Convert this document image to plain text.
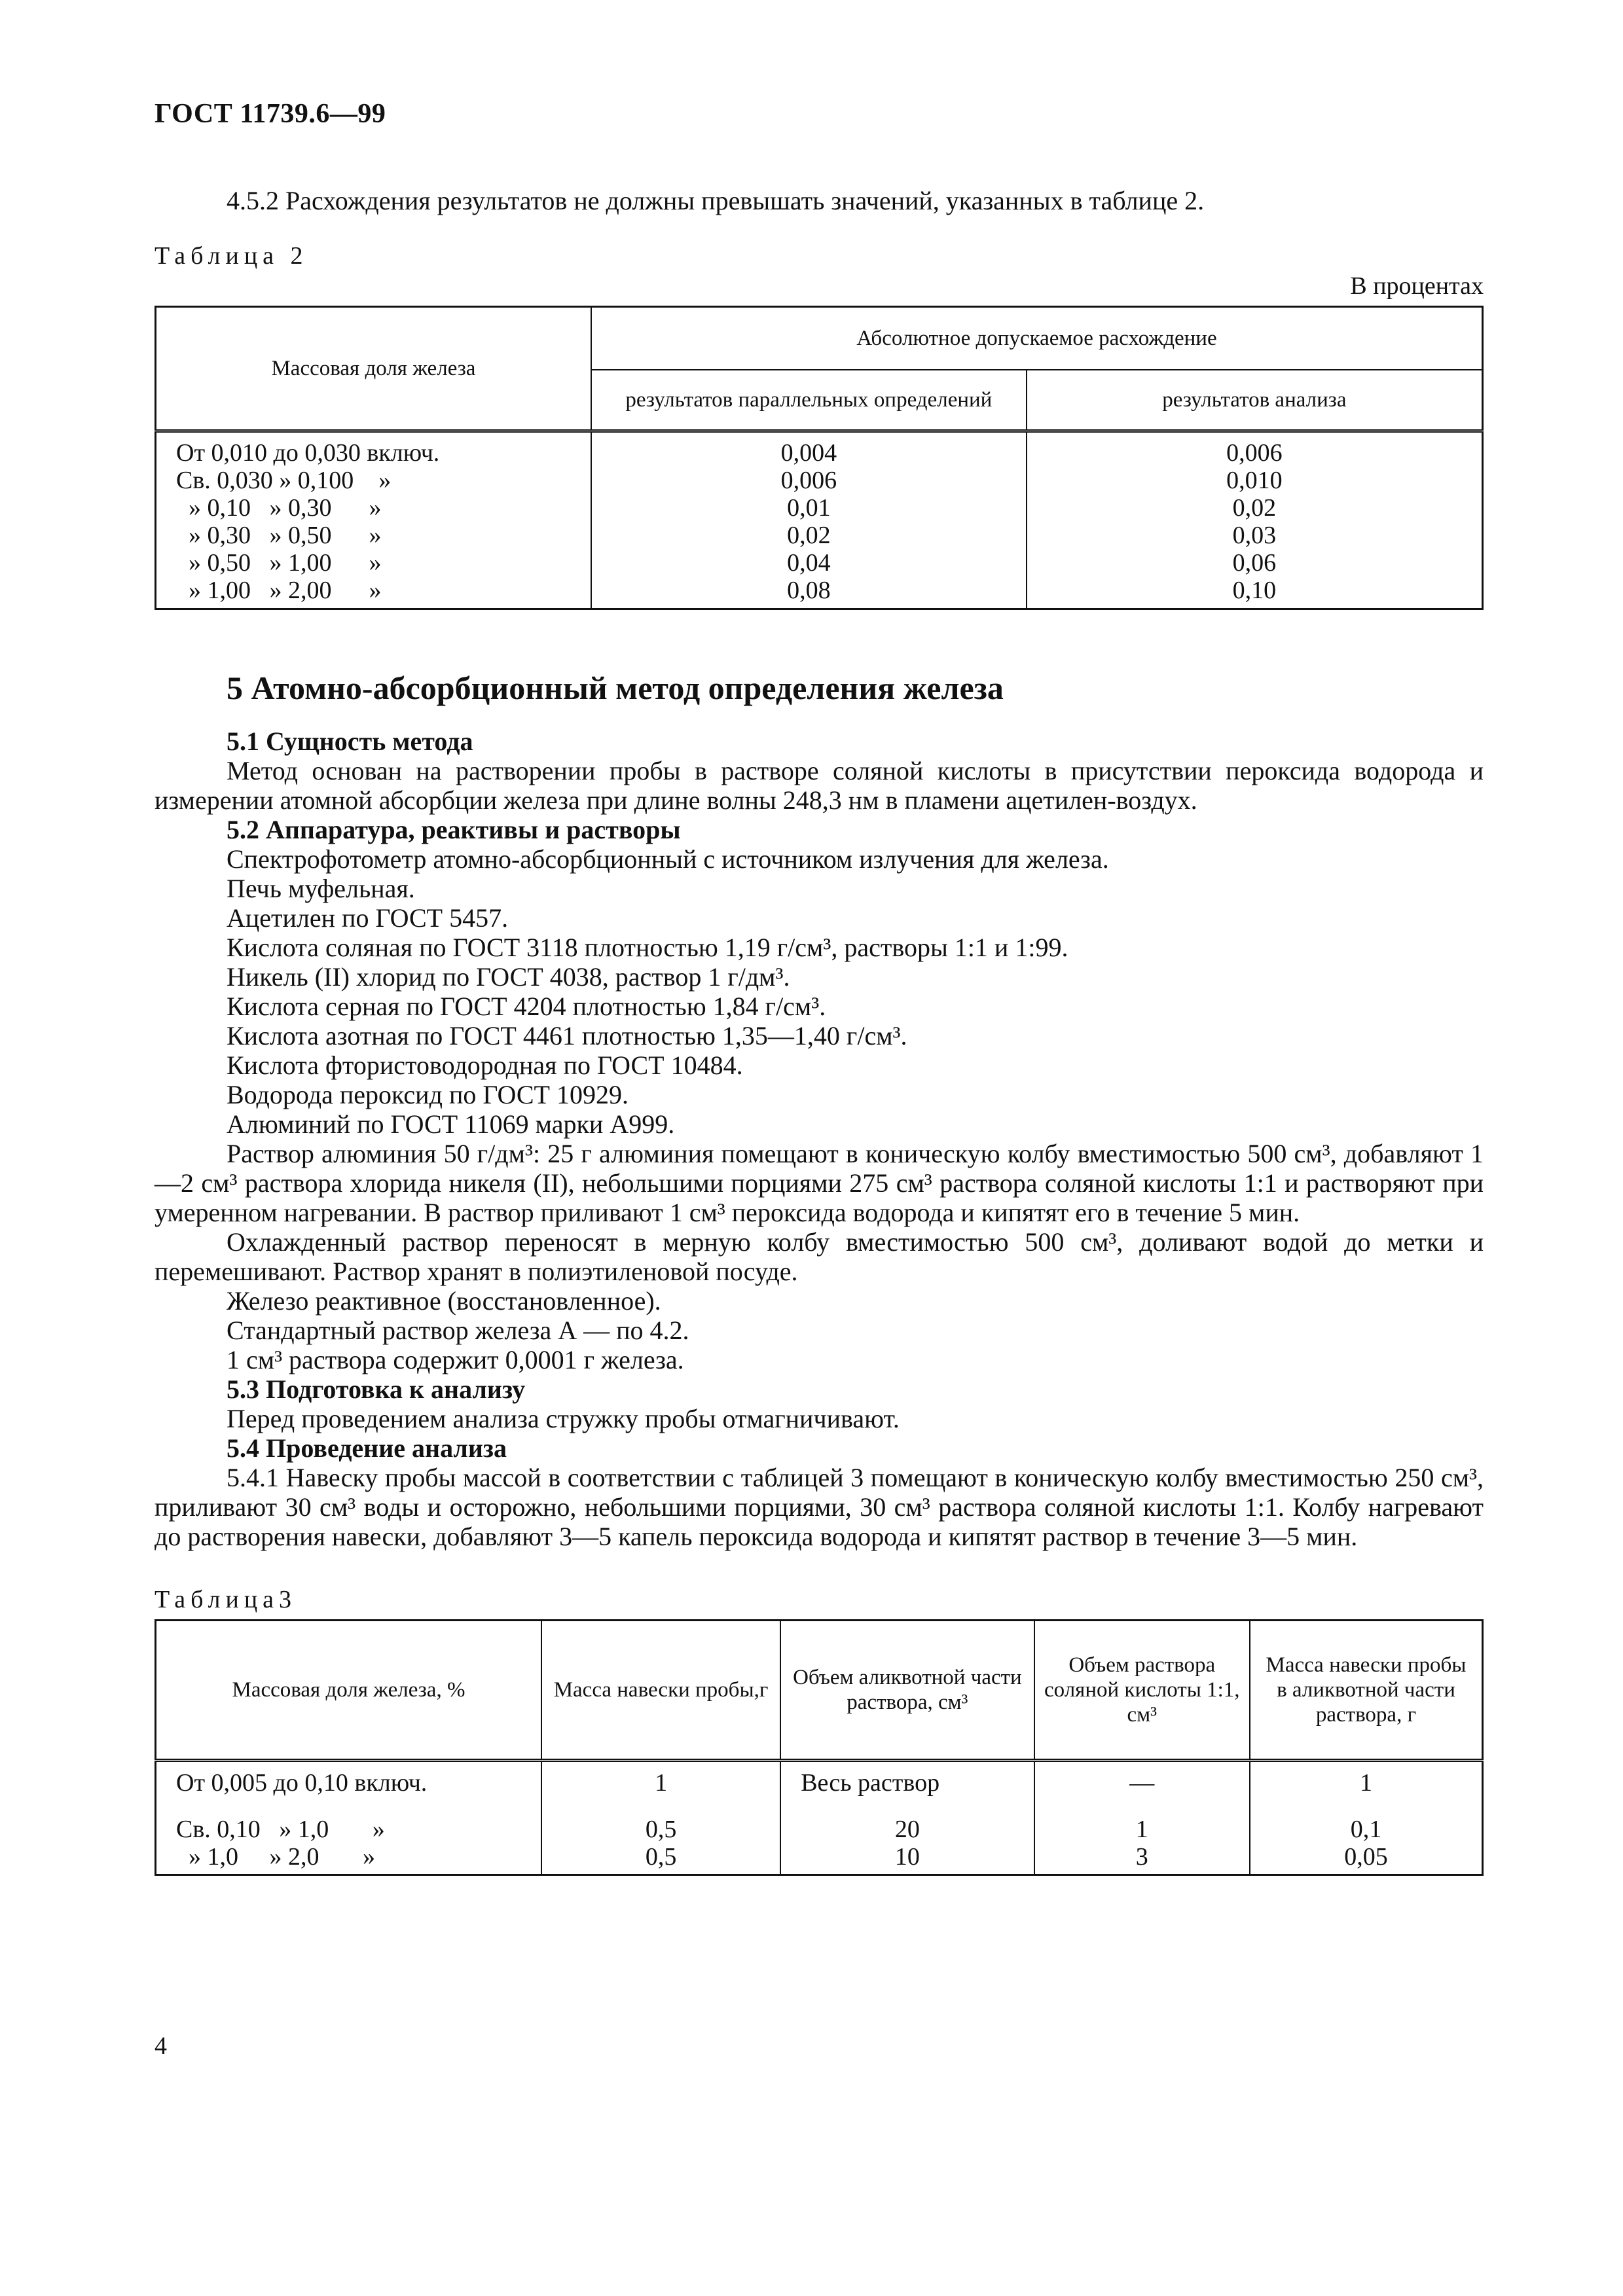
ГОСТ 11739.6—99
4.5.2 Расхождения результатов не должны превышать значений, указанных в таблице 2.
Таблица 2
В процентах
Массовая доля железа	Абсолютное допускаемое расхождение	
	результатов параллельных определений	результатов анализа
От 0,010 до 0,030 включ.	0,004	0,006
Св. 0,030 » 0,100    »	0,006	0,010
» 0,10   » 0,30      »	0,01	0,02
» 0,30   » 0,50      »	0,02	0,03
» 0,50   » 1,00      »	0,04	0,06
» 1,00   » 2,00      »	0,08	0,10
5 Атомно-абсорбционный метод определения железа
5.1 Сущность метода
Метод основан на растворении пробы в растворе соляной кислоты в присутствии пероксида водорода и измерении атомной абсорбции железа при длине волны 248,3 нм в пламени ацетилен-воздух.
5.2 Аппаратура, реактивы и растворы
Спектрофотометр атомно-абсорбционный с источником излучения для железа.
Печь муфельная.
Ацетилен по ГОСТ 5457.
Кислота соляная по ГОСТ 3118 плотностью 1,19 г/см³, растворы 1:1 и 1:99.
Никель (II) хлорид по ГОСТ 4038, раствор 1 г/дм³.
Кислота серная по ГОСТ 4204 плотностью 1,84 г/см³.
Кислота азотная по ГОСТ 4461 плотностью 1,35—1,40 г/см³.
Кислота фтористоводородная по ГОСТ 10484.
Водорода пероксид по ГОСТ 10929.
Алюминий по ГОСТ 11069 марки А999.
Раствор алюминия 50 г/дм³: 25 г алюминия помещают в коническую колбу вместимостью 500 см³, добавляют 1—2 см³ раствора хлорида никеля (II), небольшими порциями 275 см³ раствора соляной кислоты 1:1 и растворяют при умеренном нагревании. В раствор приливают 1 см³ пероксида водорода и кипятят его в течение 5 мин.
Охлажденный раствор переносят в мерную колбу вместимостью 500 см³, доливают водой до метки и перемешивают. Раствор хранят в полиэтиленовой посуде.
Железо реактивное (восстановленное).
Стандартный раствор железа А — по 4.2.
1 см³ раствора содержит 0,0001 г железа.
5.3 Подготовка к анализу
Перед проведением анализа стружку пробы отмагничивают.
5.4 Проведение анализа
5.4.1 Навеску пробы массой в соответствии с таблицей 3 помещают в коническую колбу вместимостью 250 см³, приливают 30 см³ воды и осторожно, небольшими порциями, 30 см³ раствора соляной кислоты 1:1. Колбу нагревают до растворения навески, добавляют 3—5 капель пероксида водорода и кипятят раствор в течение 3—5 мин.
Таблица3
Массовая доля железа, %	Масса навески пробы,г	Объем аликвотной части раствора, см³	Объем раствора соляной кислоты 1:1, см³	Масса навески пробы в аликвотной части раствора, г
От 0,005 до 0,10 включ.	1	Весь раствор	—	1
Св. 0,10   » 1,0       »	0,5	20	1	0,1
» 1,0     » 2,0       »	0,5	10	3	0,05
4
